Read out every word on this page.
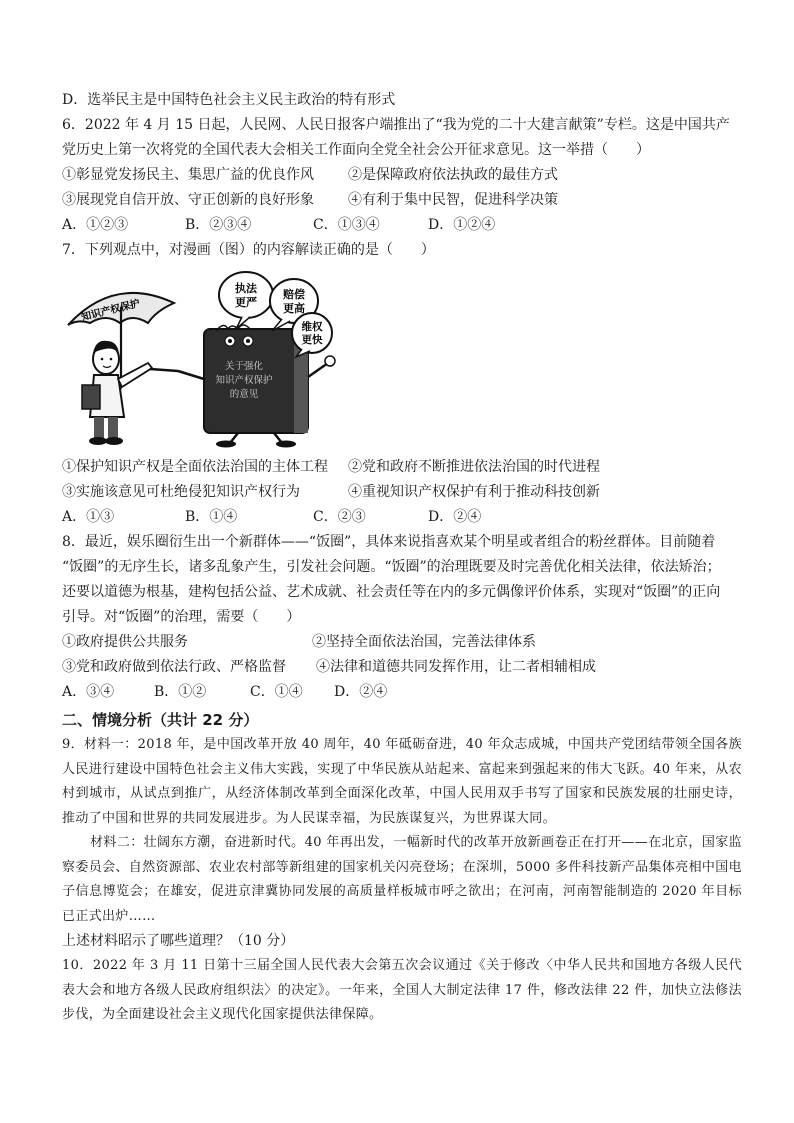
D．选举民主是中国特色社会主义民主政治的特有形式
6．2022 年 4 月 15 日起，人民网、人民日报客户端推出了“我为党的二十大建言献策”专栏。这是中国共产
党历史上第一次将党的全国代表大会相关工作面向全党全社会公开征求意见。这一举措（　　）
①彰显党发扬民主、集思广益的优良作风	②是保障政府依法执政的最佳方式
③展现党自信开放、守正创新的良好形象	④有利于集中民智，促进科学决策
A．①②③	B．②③④	C．①③④	D．①②④
7．下列观点中，对漫画（图）的内容解读正确的是（　　）
知识产权保护
关于强化
知识产权保护
的意见
执法
更严
赔偿
更高
维权
更快
①保护知识产权是全面依法治国的主体工程	②党和政府不断推进依法治国的时代进程
③实施该意见可杜绝侵犯知识产权行为	④重视知识产权保护有利于推动科技创新
A．①③	B．①④	C．②③	D．②④
8．最近，娱乐圈衍生出一个新群体——“饭圈”，具体来说指喜欢某个明星或者组合的粉丝群体。目前随着
“饭圈”的无序生长，诸多乱象产生，引发社会问题。“饭圈”的治理既要及时完善优化相关法律，依法矫治；
还要以道德为根基，建构包括公益、艺术成就、社会责任等在内的多元偶像评价体系，实现对“饭圈”的正向
引导。对“饭圈”的治理，需要（　　）
①政府提供公共服务	②坚持全面依法治国，完善法律体系
③党和政府做到依法行政、严格监督	④法律和道德共同发挥作用，让二者相辅相成
A．③④	B．①②	C．①④	D．②④
二、情境分析（共计 22 分）
9．材料一：2018 年，是中国改革开放 40 周年，40 年砥砺奋进，40 年众志成城，中国共产党团结带领全国各族人民进行建设中国特色社会主义伟大实践，实现了中华民族从站起来、富起来到强起来的伟大飞跃。40 年来，从农村到城市，从试点到推广，从经济体制改革到全面深化改革，中国人民用双手书写了国家和民族发展的壮丽史诗，推动了中国和世界的共同发展进步。为人民谋幸福，为民族谋复兴，为世界谋大同。
材料二：壮阔东方潮，奋进新时代。40 年再出发，一幅新时代的改革开放新画卷正在打开——在北京，国家监察委员会、自然资源部、农业农村部等新组建的国家机关闪亮登场；在深圳，5000 多件科技新产品集体亮相中国电子信息博览会；在雄安，促进京津冀协同发展的高质量样板城市呼之欲出；在河南，河南智能制造的 2020 年目标已正式出炉……
上述材料昭示了哪些道理？（10 分）
10．2022 年 3 月 11 日第十三届全国人民代表大会第五次会议通过《关于修改〈中华人民共和国地方各级人民代表大会和地方各级人民政府组织法〉的决定》。一年来，全国人大制定法律 17 件，修改法律 22 件，加快立法修法步伐，为全面建设社会主义现代化国家提供法律保障。
